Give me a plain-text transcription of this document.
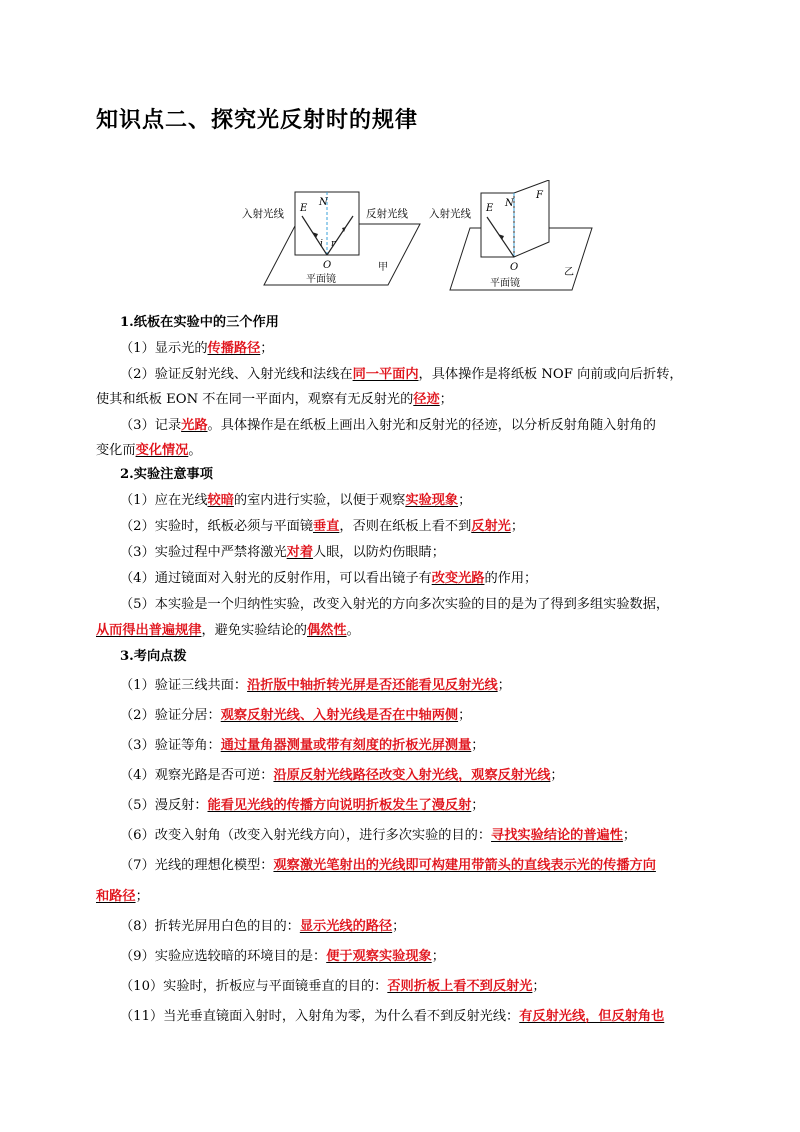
知识点二、探究光反射时的规律
入射光线	反射光线
E
N
i r
O
平面镜
甲
入射光线 E N
F
O
平面镜
乙
1.纸板在实验中的三个作用
（1）显示光的传播路径；
（2）验证反射光线、入射光线和法线在同一平面内，具体操作是将纸板 NOF 向前或向后折转，
使其和纸板 EON 不在同一平面内，观察有无反射光的径迹；
（3）记录光路。具体操作是在纸板上画出入射光和反射光的径迹，以分析反射角随入射角的
变化而变化情况。
2.实验注意事项
（1）应在光线较暗的室内进行实验，以便于观察实验现象；
（2）实验时，纸板必须与平面镜垂直，否则在纸板上看不到反射光；
（3）实验过程中严禁将激光对着人眼，以防灼伤眼睛；
（4）通过镜面对入射光的反射作用，可以看出镜子有改变光路的作用；
（5）本实验是一个归纳性实验，改变入射光的方向多次实验的目的是为了得到多组实验数据，
从而得出普遍规律，避免实验结论的偶然性。
3.考向点拨
（1）验证三线共面：沿折版中轴折转光屏是否还能看见反射光线；
（2）验证分居：观察反射光线、入射光线是否在中轴两侧；
（3）验证等角：通过量角器测量或带有刻度的折板光屏测量；
（4）观察光路是否可逆：沿原反射光线路径改变入射光线，观察反射光线；
（5）漫反射：能看见光线的传播方向说明折板发生了漫反射；
（6）改变入射角（改变入射光线方向），进行多次实验的目的：寻找实验结论的普遍性；
（7）光线的理想化模型：观察激光笔射出的光线即可构建用带箭头的直线表示光的传播方向
和路径；
（8）折转光屏用白色的目的：显示光线的路径；
（9）实验应选较暗的环境目的是：便于观察实验现象；
（10）实验时，折板应与平面镜垂直的目的：否则折板上看不到反射光；
（11）当光垂直镜面入射时，入射角为零，为什么看不到反射光线：有反射光线，但反射角也
